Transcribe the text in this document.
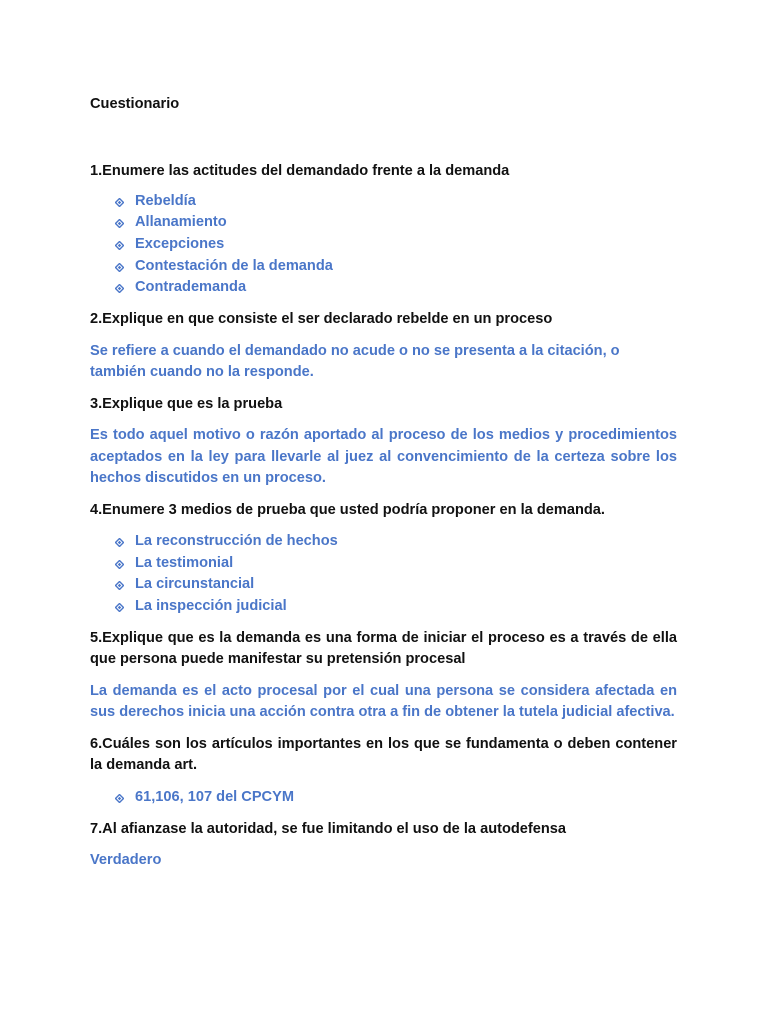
Cuestionario

1.Enumere las actitudes del demandado frente a la demanda

Rebeldía
Allanamiento
Excepciones
Contestación de la demanda
Contrademanda

2.Explique en que consiste el ser declarado rebelde en un proceso

Se refiere a cuando el demandado no acude o no se presenta a la citación, o también cuando no la responde.

3.Explique que es la prueba

Es todo aquel motivo o razón aportado al proceso de los medios y procedimientos aceptados en la ley para llevarle al juez al convencimiento de la certeza sobre los hechos discutidos en un proceso.

4.Enumere 3 medios de prueba que usted podría proponer en la demanda.

La reconstrucción de hechos
La testimonial
La circunstancial
La inspección judicial

5.Explique que es la demanda es una forma de iniciar el proceso es a través de ella que persona puede manifestar su pretensión procesal

La demanda es el acto procesal por el cual una persona se considera afectada en sus derechos inicia una acción contra otra a fin de obtener la tutela judicial afectiva.

6.Cuáles son los artículos importantes en los que se fundamenta o deben contener la demanda art.

61,106, 107 del CPCYM

7.Al afianzase la autoridad, se fue limitando el uso de la autodefensa

Verdadero
